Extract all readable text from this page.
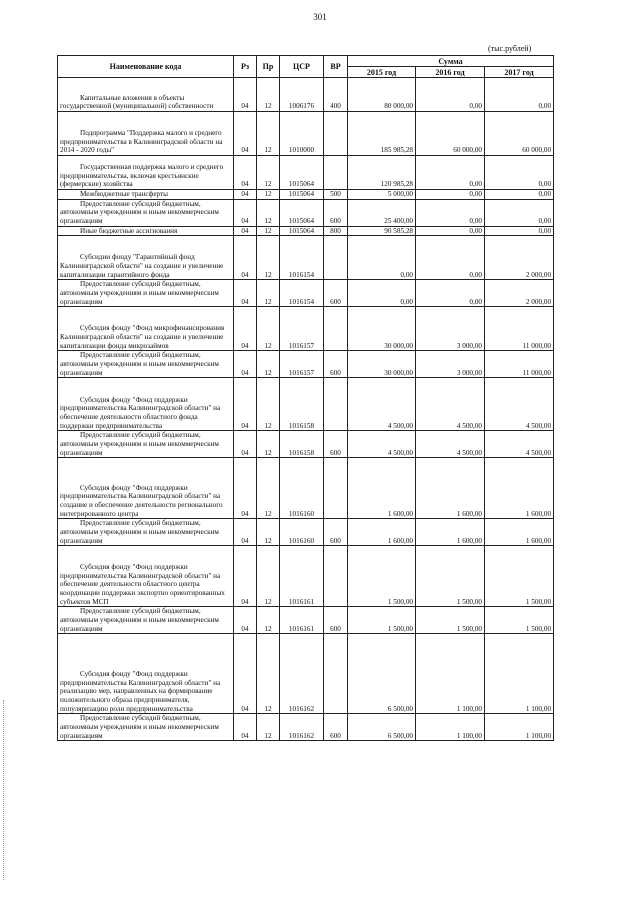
301
(тыс.рублей)
Наименование кода	Рз	Пр	ЦСР	ВР	Сумма		
					2015 год	2016 год	2017 год

Капитальные вложения в объекты государственной (муниципальной) собственности	04	12	1006176	400	80 000,00	0,00	0,00

Подпрограмма "Поддержка малого и среднего предпринимательства в Калининградской области на 2014 - 2020 годы"	04	12	1010000		185 985,28	60 000,00	60 000,00

Государственная поддержка малого и среднего предпринимательства, включая крестьянские (фермерские) хозяйства	04	12	1015064		120 985,28	0,00	0,00

Межбюджетные трансферты	04	12	1015064	500	5 000,00	0,00	0,00

Предоставление субсидий бюджетным, автономным учреждениям и иным некоммерческим организациям	04	12	1015064	600	25 400,00	0,00	0,00

Иные бюджетные ассигнования	04	12	1015064	800	90 585,28	0,00	0,00

Субсидии фонду "Гарантийный фонд Калининградской области" на создание и увеличение капитализации гарантийного фонда	04	12	1016154		0,00	0,00	2 000,00

Предоставление субсидий бюджетным, автономным учреждениям и иным некоммерческим организациям	04	12	1016154	600	0,00	0,00	2 000,00

Субсидия фонду "Фонд микрофинансирования Калининградской области" на создание и увеличение капитализации фонда микрозаймов	04	12	1016157		30 000,00	3 000,00	11 000,00

Предоставление субсидий бюджетным, автономным учреждениям и иным некоммерческим организациям	04	12	1016157	600	30 000,00	3 000,00	11 000,00

Субсидия фонду "Фонд поддержки предпринимательства Калининградской области" на обеспечение деятельности областного фонда поддержки предпринимательства	04	12	1016158		4 500,00	4 500,00	4 500,00

Предоставление субсидий бюджетным, автономным учреждениям и иным некоммерческим организациям	04	12	1016158	600	4 500,00	4 500,00	4 500,00

Субсидия фонду "Фонд поддержки предпринимательства Калининградской области" на создание и обеспечение деятельности регионального интегрированного центра	04	12	1016160		1 600,00	1 600,00	1 600,00

Предоставление субсидий бюджетным, автономным учреждениям и иным некоммерческим организациям	04	12	1016160	600	1 600,00	1 600,00	1 600,00

Субсидия фонду "Фонд поддержки предпринимательства Калининградской области" на обеспечение деятельности областного центра координации поддержки экспортно ориентированных субъектов МСП	04	12	1016161		1 500,00	1 500,00	1 500,00

Предоставление субсидий бюджетным, автономным учреждениям и иным некоммерческим организациям	04	12	1016161	600	1 500,00	1 500,00	1 500,00

Субсидия фонду "Фонд поддержки предпринимательства Калининградской области" на реализацию мер, направленных на формирование положительного образа предпринимателя, популяризацию роли предпринимательства	04	12	1016162		6 500,00	1 100,00	1 100,00

Предоставление субсидий бюджетным, автономным учреждениям и иным некоммерческим организациям	04	12	1016162	600	6 500,00	1 100,00	1 100,00
